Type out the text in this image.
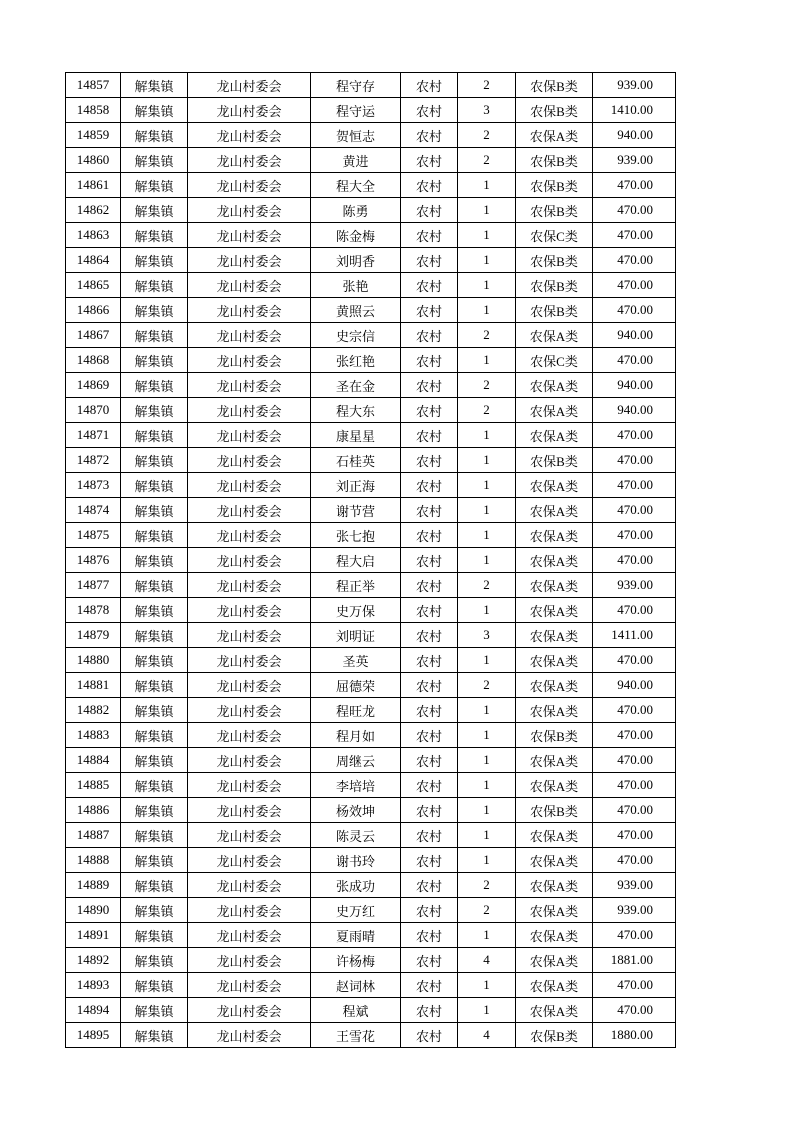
14857	解集镇	龙山村委会	程守存	农村	2	农保B类	939.00
14858	解集镇	龙山村委会	程守运	农村	3	农保B类	1410.00
14859	解集镇	龙山村委会	贺恒志	农村	2	农保A类	940.00
14860	解集镇	龙山村委会	黄进	农村	2	农保B类	939.00
14861	解集镇	龙山村委会	程大全	农村	1	农保B类	470.00
14862	解集镇	龙山村委会	陈勇	农村	1	农保B类	470.00
14863	解集镇	龙山村委会	陈金梅	农村	1	农保C类	470.00
14864	解集镇	龙山村委会	刘明香	农村	1	农保B类	470.00
14865	解集镇	龙山村委会	张艳	农村	1	农保B类	470.00
14866	解集镇	龙山村委会	黄照云	农村	1	农保B类	470.00
14867	解集镇	龙山村委会	史宗信	农村	2	农保A类	940.00
14868	解集镇	龙山村委会	张红艳	农村	1	农保C类	470.00
14869	解集镇	龙山村委会	圣在金	农村	2	农保A类	940.00
14870	解集镇	龙山村委会	程大东	农村	2	农保A类	940.00
14871	解集镇	龙山村委会	康星星	农村	1	农保A类	470.00
14872	解集镇	龙山村委会	石桂英	农村	1	农保B类	470.00
14873	解集镇	龙山村委会	刘正海	农村	1	农保A类	470.00
14874	解集镇	龙山村委会	谢节营	农村	1	农保A类	470.00
14875	解集镇	龙山村委会	张七抱	农村	1	农保A类	470.00
14876	解集镇	龙山村委会	程大启	农村	1	农保A类	470.00
14877	解集镇	龙山村委会	程正举	农村	2	农保A类	939.00
14878	解集镇	龙山村委会	史万保	农村	1	农保A类	470.00
14879	解集镇	龙山村委会	刘明证	农村	3	农保A类	1411.00
14880	解集镇	龙山村委会	圣英	农村	1	农保A类	470.00
14881	解集镇	龙山村委会	屈德荣	农村	2	农保A类	940.00
14882	解集镇	龙山村委会	程旺龙	农村	1	农保A类	470.00
14883	解集镇	龙山村委会	程月如	农村	1	农保B类	470.00
14884	解集镇	龙山村委会	周继云	农村	1	农保A类	470.00
14885	解集镇	龙山村委会	李培培	农村	1	农保A类	470.00
14886	解集镇	龙山村委会	杨效坤	农村	1	农保B类	470.00
14887	解集镇	龙山村委会	陈灵云	农村	1	农保A类	470.00
14888	解集镇	龙山村委会	谢书玲	农村	1	农保A类	470.00
14889	解集镇	龙山村委会	张成功	农村	2	农保A类	939.00
14890	解集镇	龙山村委会	史万红	农村	2	农保A类	939.00
14891	解集镇	龙山村委会	夏雨晴	农村	1	农保A类	470.00
14892	解集镇	龙山村委会	许杨梅	农村	4	农保A类	1881.00
14893	解集镇	龙山村委会	赵词林	农村	1	农保A类	470.00
14894	解集镇	龙山村委会	程斌	农村	1	农保A类	470.00
14895	解集镇	龙山村委会	王雪花	农村	4	农保B类	1880.00
